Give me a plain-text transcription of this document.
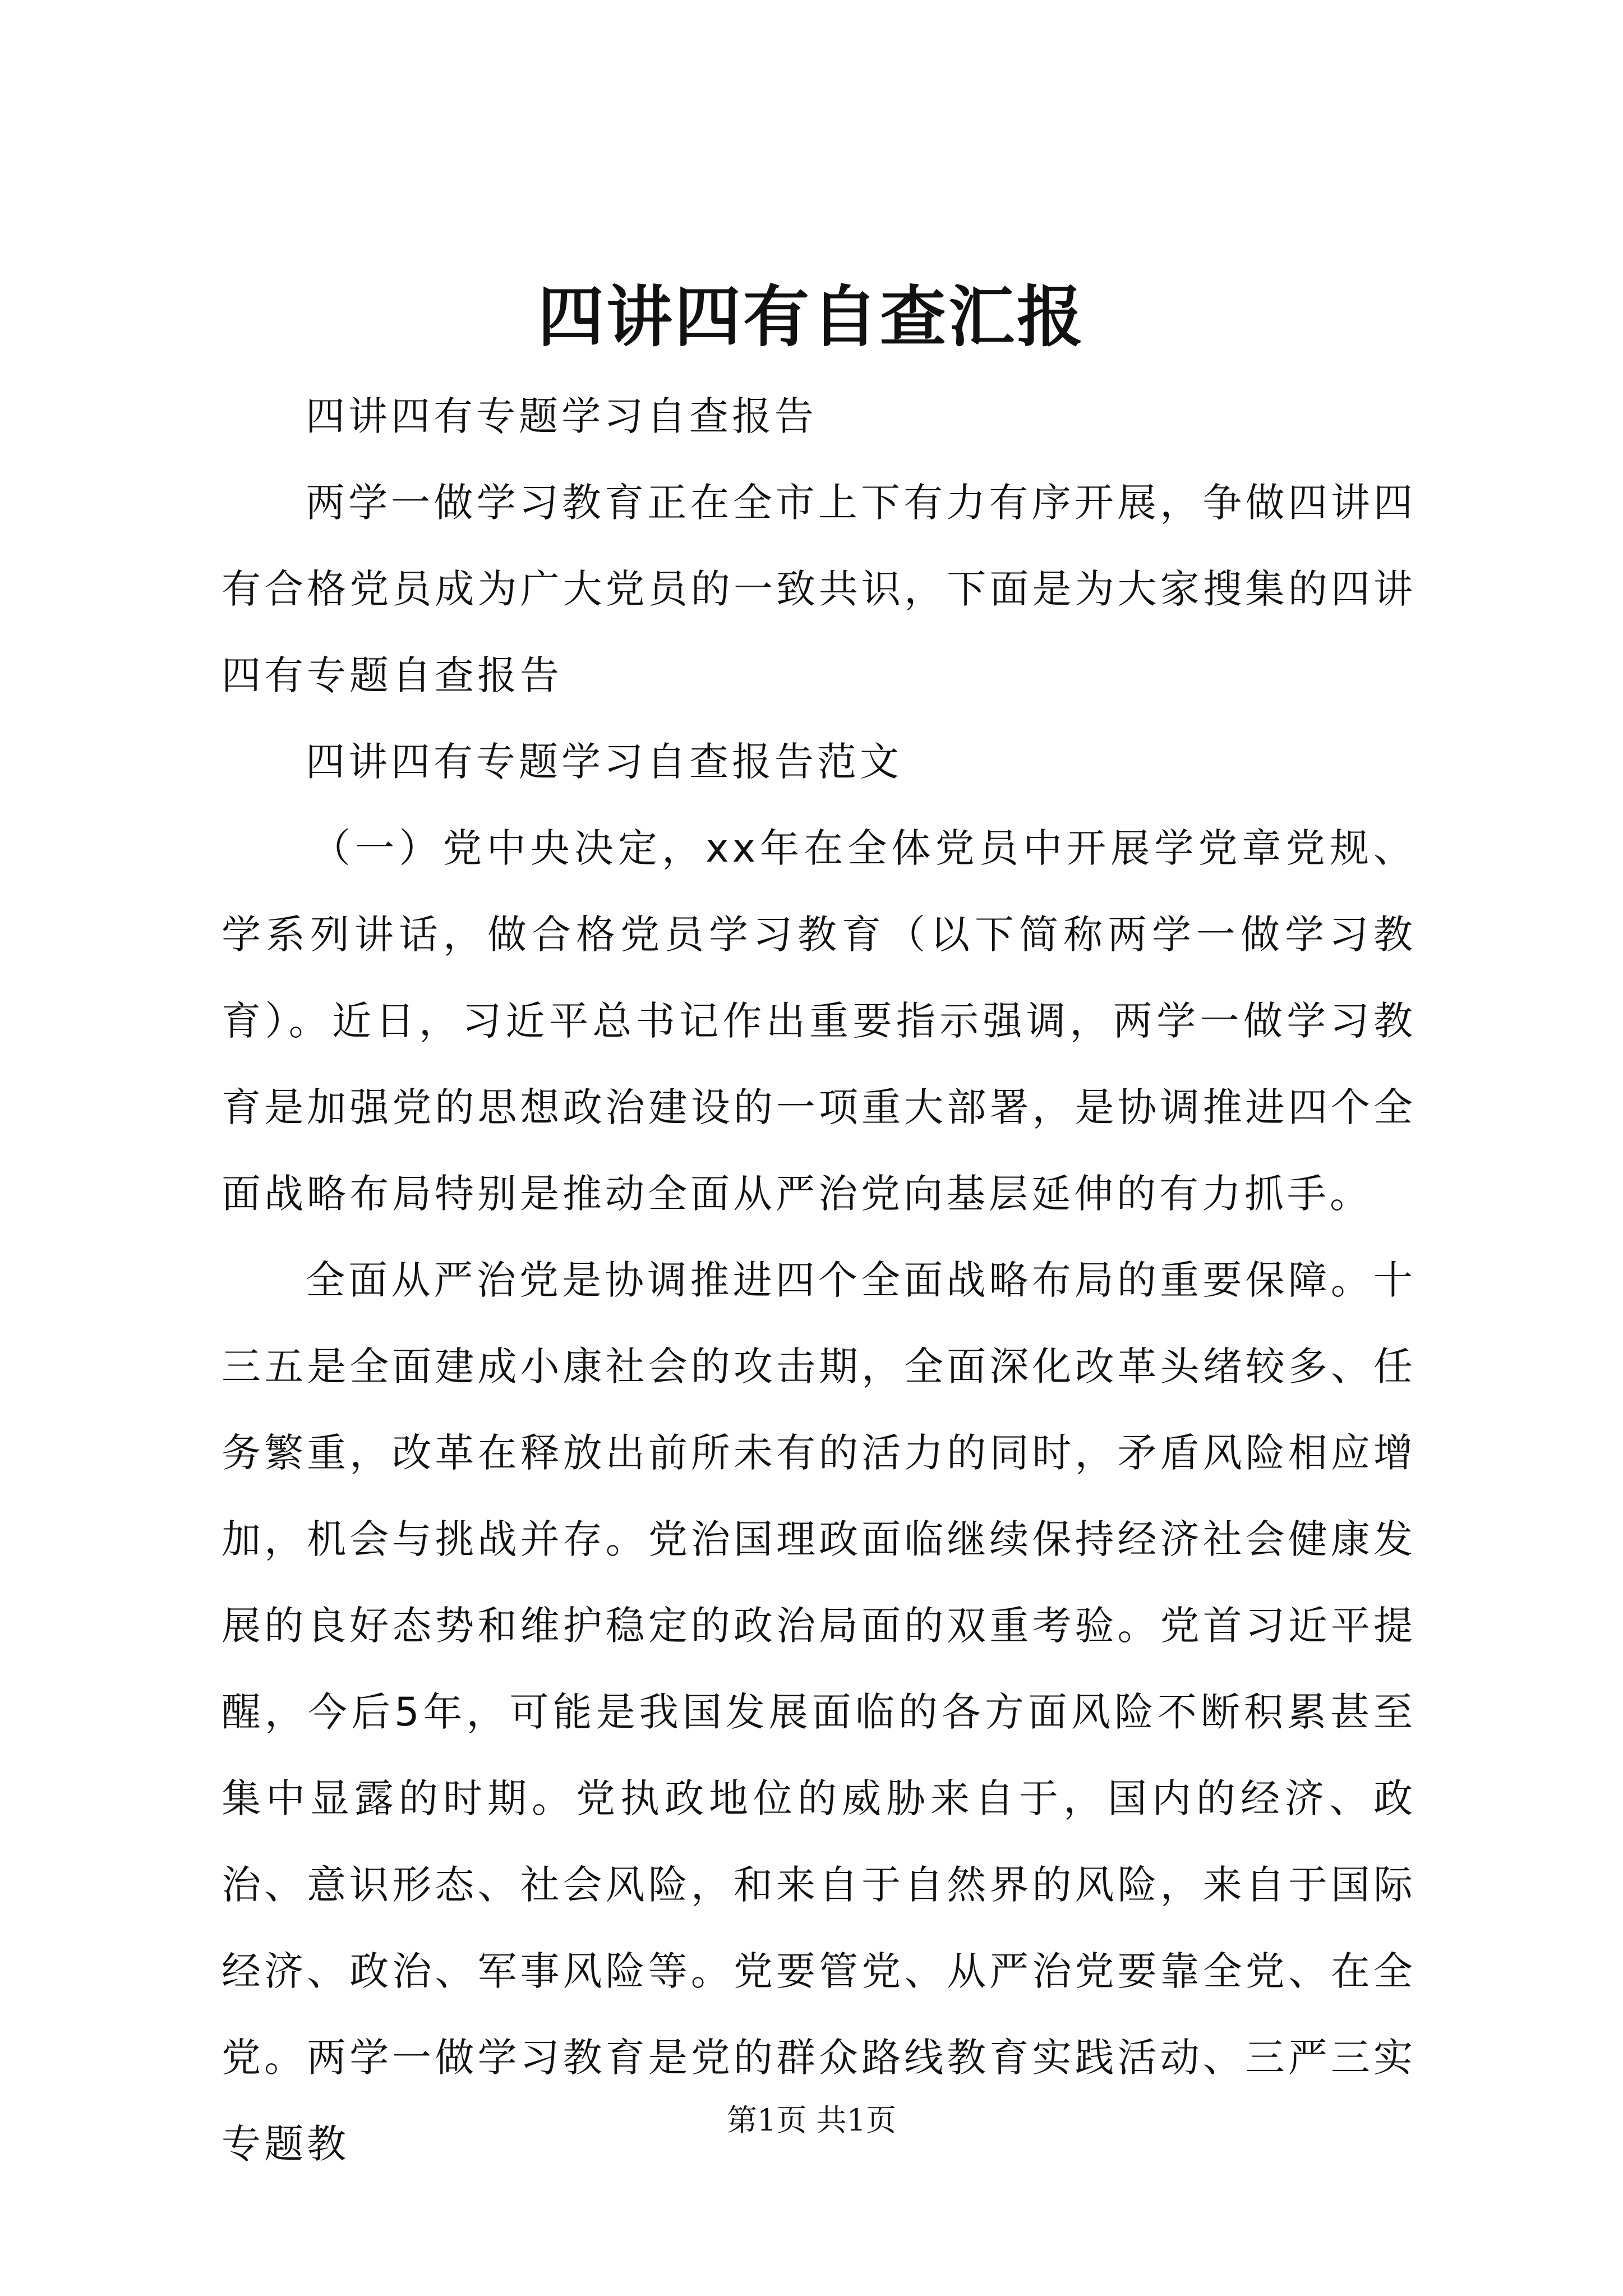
四讲四有自查汇报

四讲四有专题学习自查报告

两学一做学习教育正在全市上下有力有序开展，争做四讲四有合格党员成为广大党员的一致共识，下面是为大家搜集的四讲四有专题自查报告

四讲四有专题学习自查报告范文

（一）党中央决定，xx年在全体党员中开展学党章党规、学系列讲话，做合格党员学习教育（以下简称两学一做学习教育）。近日，习近平总书记作出重要指示强调，两学一做学习教育是加强党的思想政治建设的一项重大部署，是协调推进四个全面战略布局特别是推动全面从严治党向基层延伸的有力抓手。

全面从严治党是协调推进四个全面战略布局的重要保障。十三五是全面建成小康社会的攻击期，全面深化改革头绪较多、任务繁重，改革在释放出前所未有的活力的同时，矛盾风险相应增加，机会与挑战并存。党治国理政面临继续保持经济社会健康发展的良好态势和维护稳定的政治局面的双重考验。党首习近平提醒，今后5年，可能是我国发展面临的各方面风险不断积累甚至集中显露的时期。党执政地位的威胁来自于，国内的经济、政治、意识形态、社会风险，和来自于自然界的风险，来自于国际经济、政治、军事风险等。党要管党、从严治党要靠全党、在全党。两学一做学习教育是党的群众路线教育实践活动、三严三实专题教

第1页 共1页
